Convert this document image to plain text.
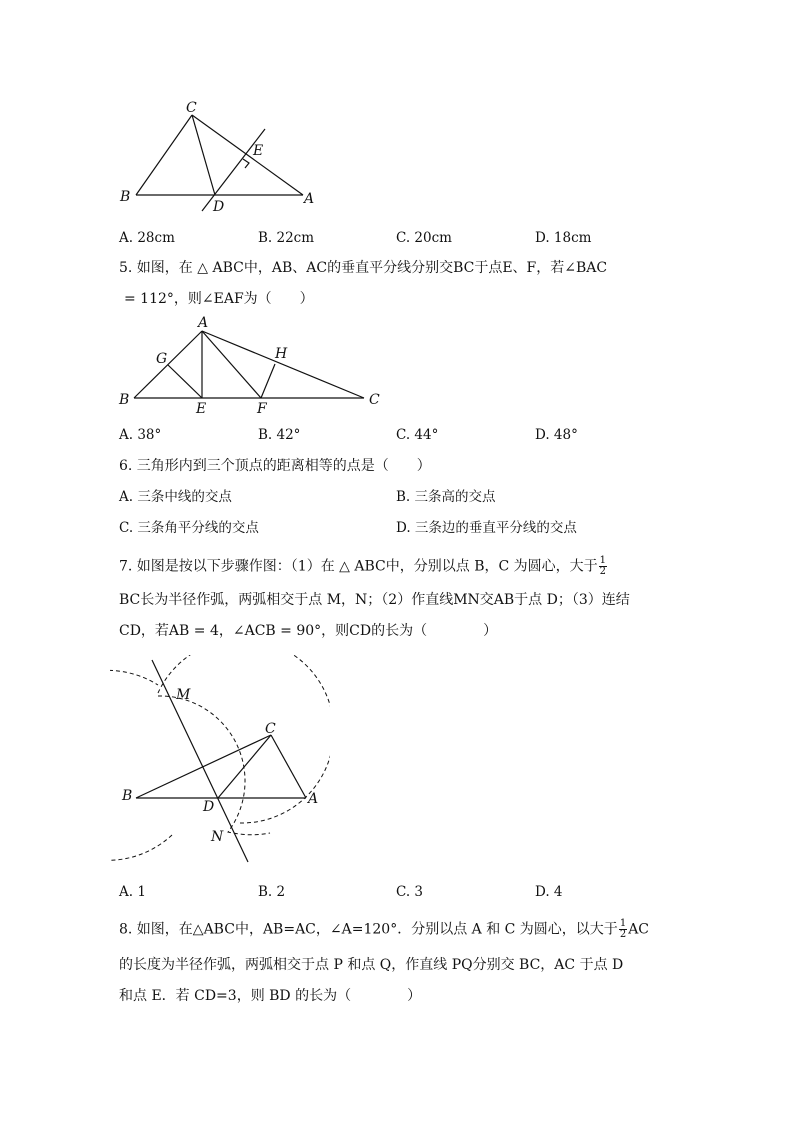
C
E
B
D	A
A. 28cm	B. 22cm	C. 20cm	D. 18cm
5. 如图，在 △ ABC中，AB、AC的垂直平分线分别交BC于点E、F，若∠BAC
= 112°，则∠EAF为（　　）
A
G	H
B
E	F
C
A. 38°	B. 42°	C. 44°	D. 48°
6. 三角形内到三个顶点的距离相等的点是（　　）
A. 三条中线的交点	B. 三条高的交点
C. 三条角平分线的交点	D. 三条边的垂直平分线的交点
7. 如图是按以下步骤作图：（1）在 △ ABC中，分别以点 B，C 为圆心，大于 $\frac{1}{2}$
BC长为半径作弧，两弧相交于点 M，N；（2）作直线MN交AB于点 D；（3）连结
CD，若AB = 4，∠ACB = 90°，则CD的长为（　　　　）
M
C
B
D	A
N
A. 1	B. 2	C. 3	D. 4
8. 如图，在△ABC中，AB=AC，∠A=120°．分别以点 A 和 C 为圆心，以大于 $\frac{1}{2}$ AC
的长度为半径作弧，两弧相交于点 P 和点 Q，作直线 PQ分别交 BC，AC 于点 D
和点 E．若 CD=3，则 BD 的长为（　　　　）
